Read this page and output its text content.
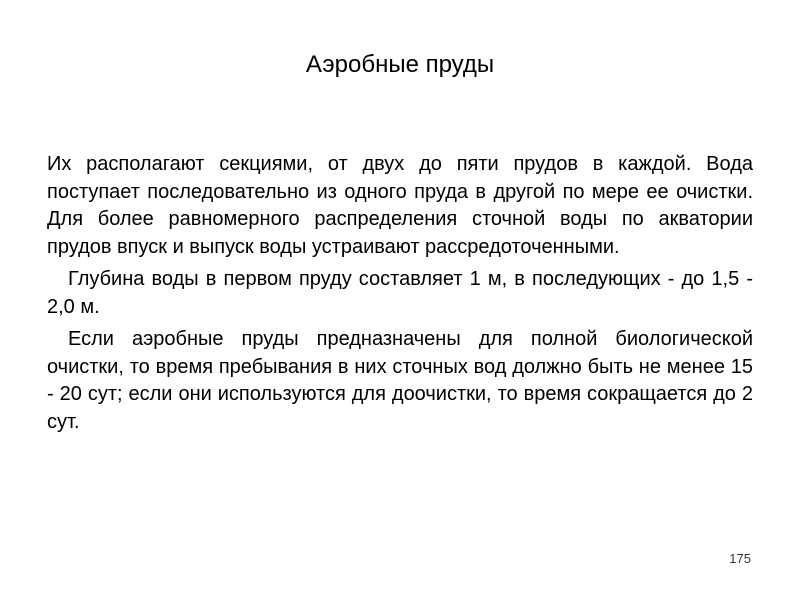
Аэробные пруды

Их располагают секциями, от двух до пяти прудов в каждой. Вода поступает последовательно из одного пруда в другой по мере ее очистки. Для более равномерного распределения сточной воды по акватории прудов впуск и выпуск воды устраивают рассредоточенными.

Глубина воды в первом пруду составляет 1 м, в последующих - до 1,5 - 2,0 м.

Если аэробные пруды предназначены для полной биологической очистки, то время пребывания в них сточных вод должно быть не менее 15 - 20 сут; если они используются для доочистки, то время сокращается до 2 сут.

175
